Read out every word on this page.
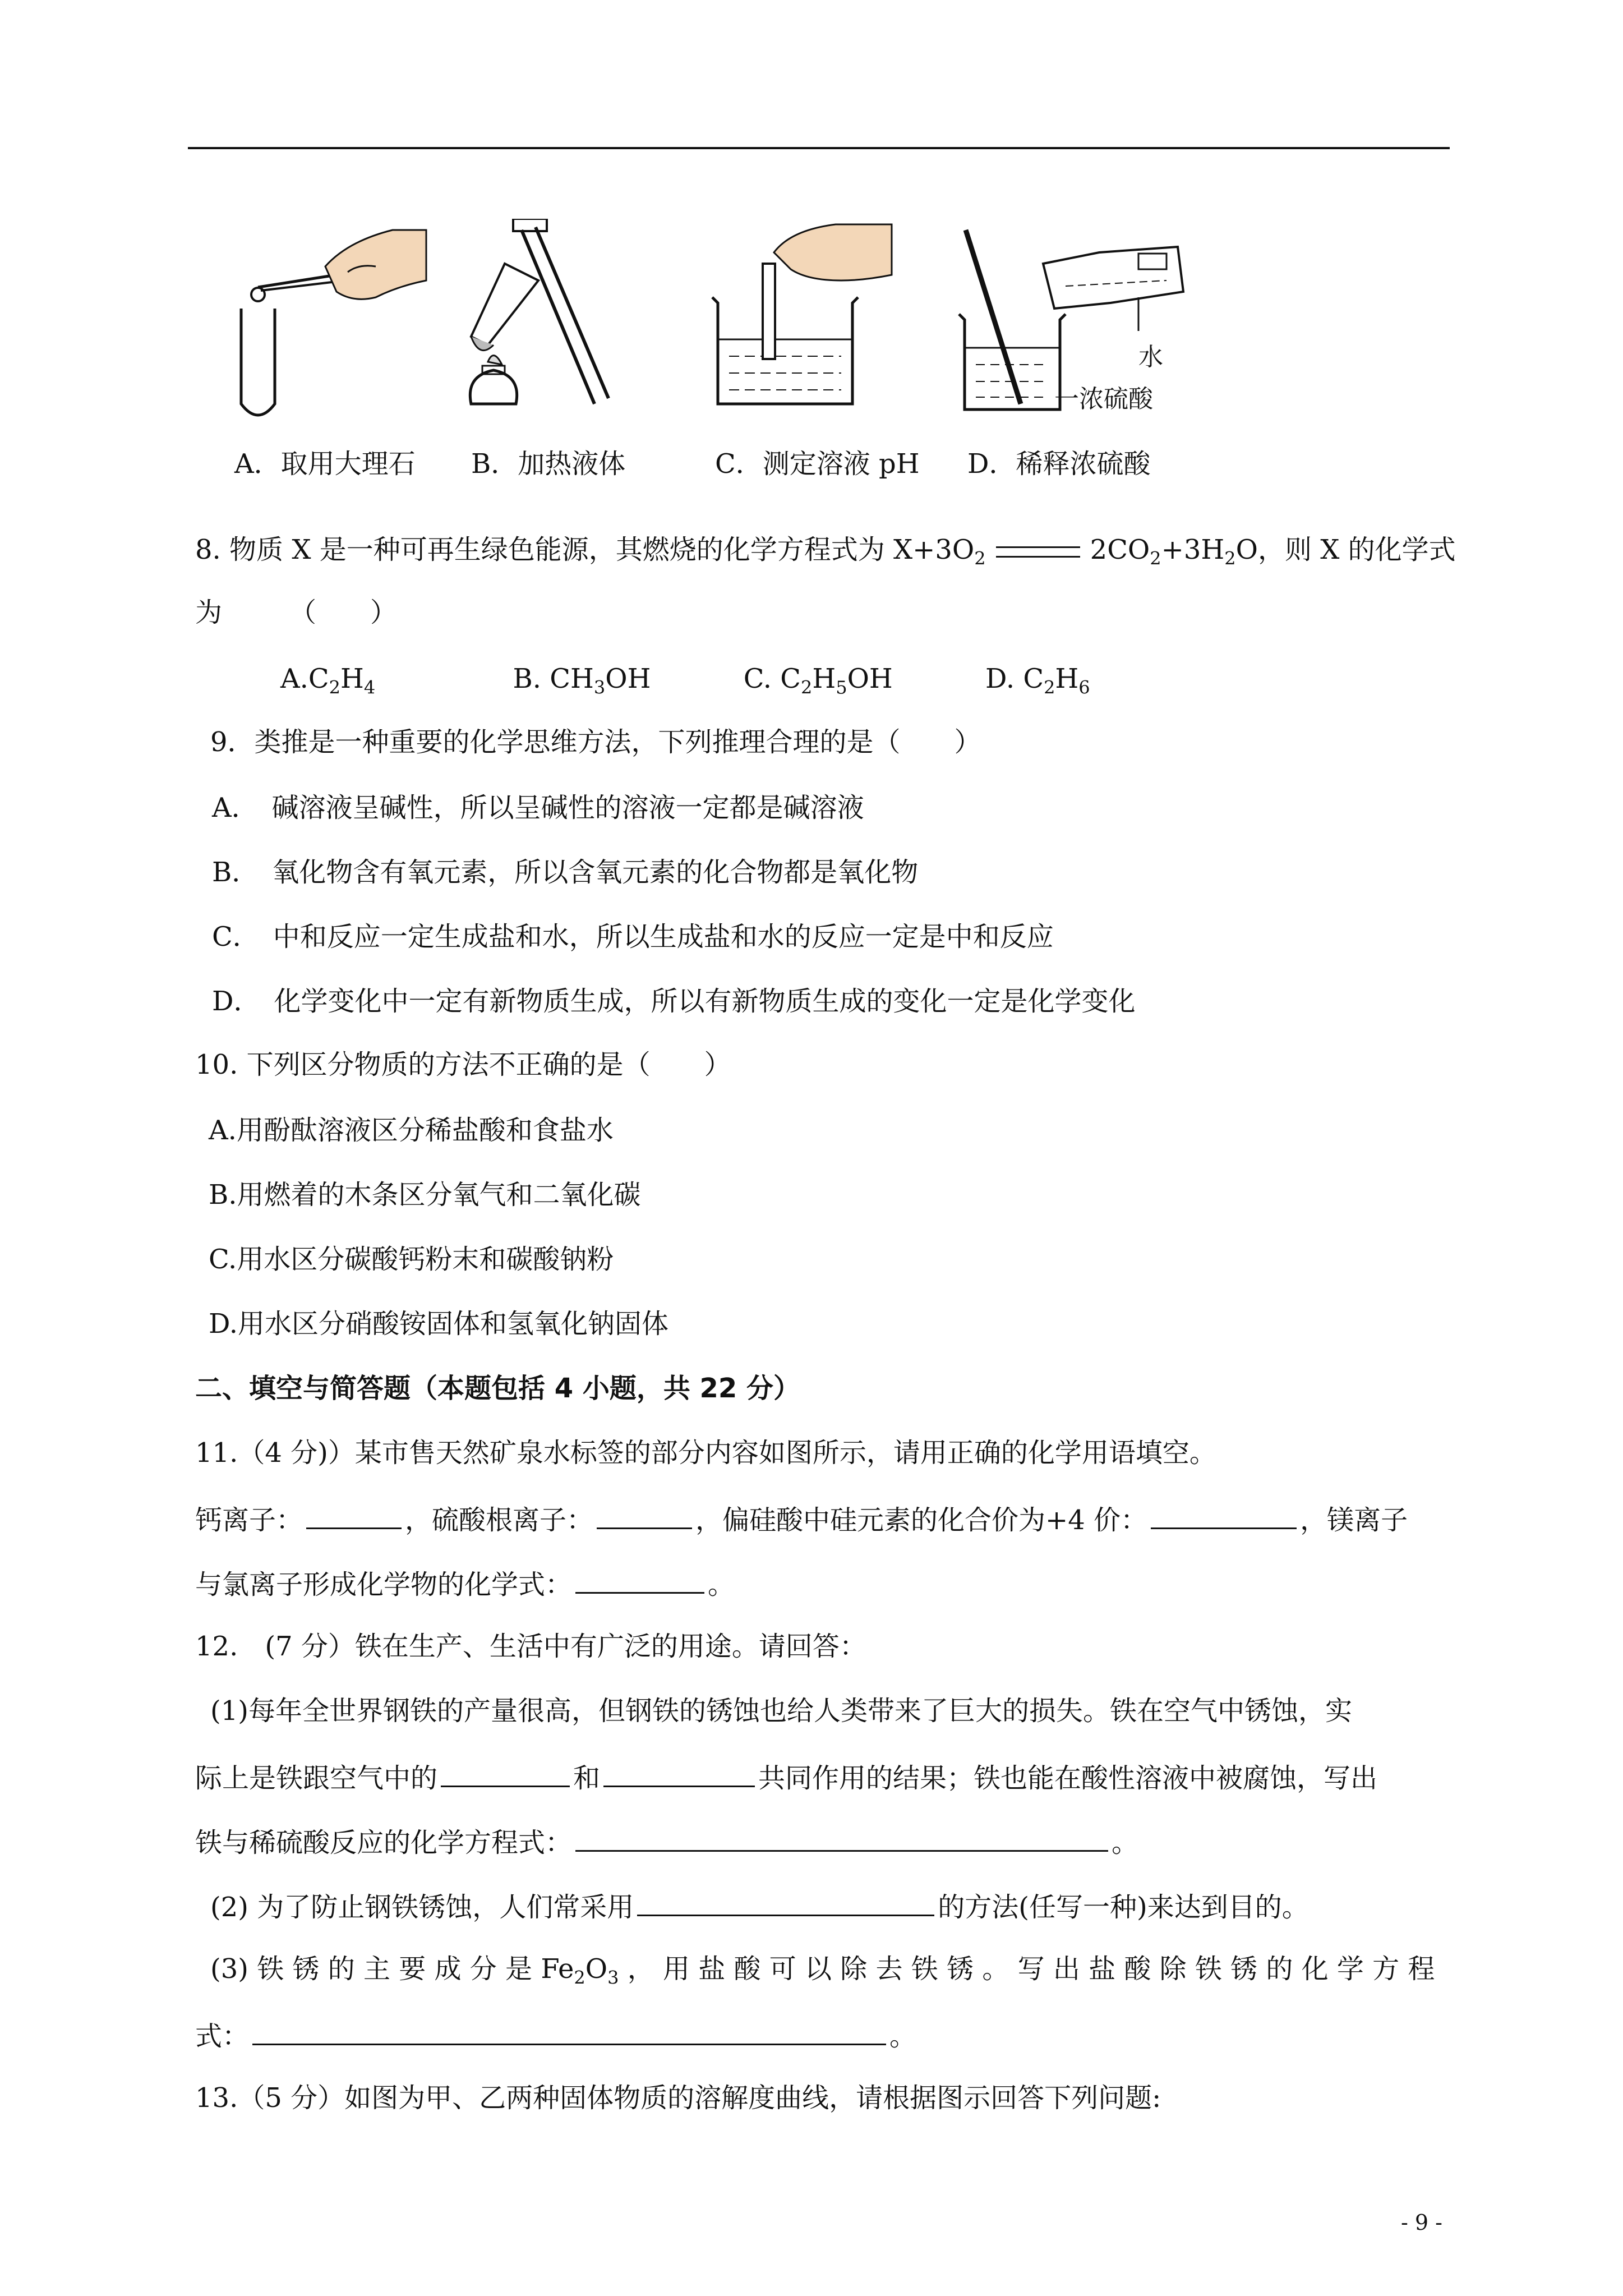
水
一浓硫酸
A．取用大理石 B．加热液体	C．测定溶液 pH D．稀释浓硫酸
8. 物质 X 是一种可再生绿色能源，其燃烧的化学方程式为 $X+3O_2$	$2CO_2+3H_2O$，则 X 的化学式
为　　　（　　）
$A.C_2H_4$	B. $CH_3OH$	C. $C_2H_5OH$	D. $C_2H_6$
9．类推是一种重要的化学思维方法，下列推理合理的是（　　）
A．　碱溶液呈碱性，所以呈碱性的溶液一定都是碱溶液
B．　氧化物含有氧元素，所以含氧元素的化合物都是氧化物
C．　中和反应一定生成盐和水，所以生成盐和水的反应一定是中和反应
D．　化学变化中一定有新物质生成，所以有新物质生成的变化一定是化学变化
10. 下列区分物质的方法不正确的是（　　）
A.用酚酞溶液区分稀盐酸和食盐水
B.用燃着的木条区分氧气和二氧化碳
C.用水区分碳酸钙粉末和碳酸钠粉
D.用水区分硝酸铵固体和氢氧化钠固体
二、填空与简答题（本题包括 4 小题，共 22 分）
11.（4 分)）某市售天然矿泉水标签的部分内容如图所示，请用正确的化学用语填空。
钙离子：	，硫酸根离子：	，偏硅酸中硅元素的化合价为+4 价：	，镁离子
与氯离子形成化学物的化学式：	。
12.　(7 分）铁在生产、生活中有广泛的用途。请回答：
(1)每年全世界钢铁的产量很高，但钢铁的锈蚀也给人类带来了巨大的损失。铁在空气中锈蚀，实
际上是铁跟空气中的	和	共同作用的结果；铁也能在酸性溶液中被腐蚀，写出
铁与稀硫酸反应的化学方程式：	。
(2) 为了防止钢铁锈蚀，人们常采用	的方法(任写一种)来达到目的。
(3) 铁 锈 的 主 要 成 分 是 $Fe_2O_3$ ， 用 盐 酸 可 以 除 去 铁 锈 。 写 出 盐 酸 除 铁 锈 的 化 学 方 程
式：	。
13.（5 分）如图为甲、乙两种固体物质的溶解度曲线，请根据图示回答下列问题:
- 9 -
